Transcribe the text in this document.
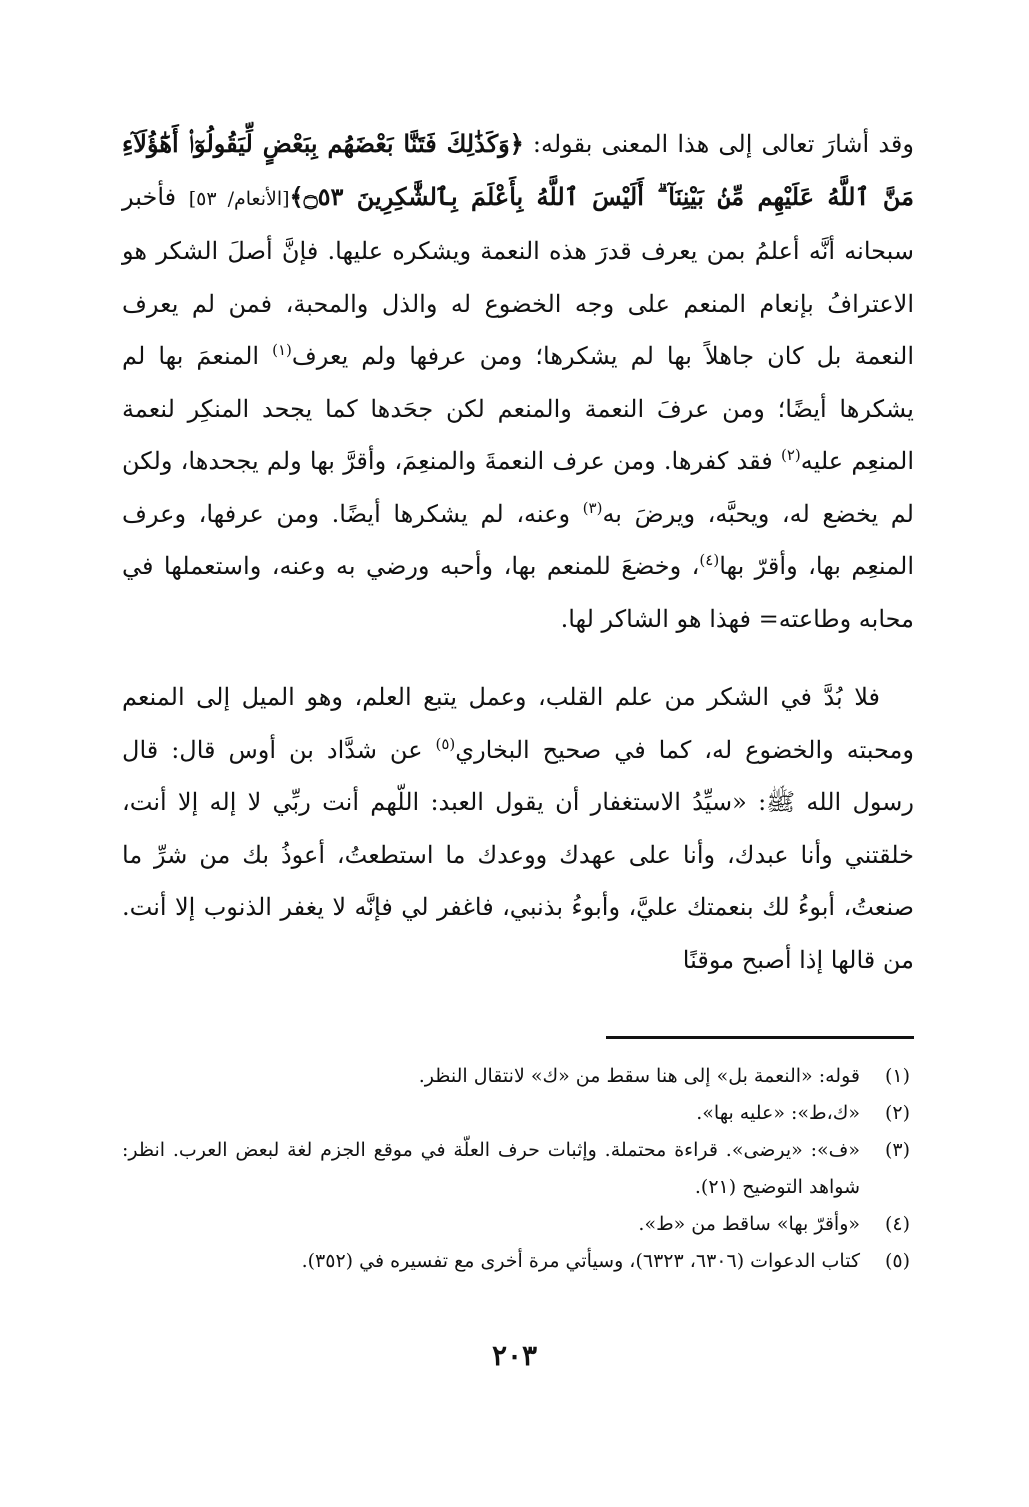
وقد أشارَ تعالى إلى هذا المعنى بقوله: ﴿وَكَذَٰلِكَ فَتَنَّا بَعْضَهُم بِبَعْضٍ لِّيَقُولُوٓا۟ أَهَٰٓؤُلَآءِ مَنَّ ٱللَّهُ عَلَيْهِم مِّنۢ بَيْنِنَآ ۗ أَلَيْسَ ٱللَّهُ بِأَعْلَمَ بِٱلشَّٰكِرِينَ ۝٥٣﴾[الأنعام/ ٥٣] فأخبر سبحانه أنَّه أعلمُ بمن يعرف قدرَ هذه النعمة ويشكره عليها. فإنَّ أصلَ الشكر هو الاعترافُ بإنعام المنعم على وجه الخضوع له والذل والمحبة، فمن لم يعرف النعمة بل كان جاهلاً بها لم يشكرها؛ ومن عرفها ولم يعرف$^{(١)}$ المنعمَ بها لم يشكرها أيضًا؛ ومن عرفَ النعمة والمنعم لكن جحَدها كما يجحد المنكِر لنعمة المنعِم عليه$^{(٢)}$ فقد كفرها. ومن عرف النعمةَ والمنعِمَ، وأقرَّ بها ولم يجحدها، ولكن لم يخضع له، ويحبَّه، ويرضَ به$^{(٣)}$ وعنه، لم يشكرها أيضًا. ومن عرفها، وعرف المنعِم بها، وأقرّ بها$^{(٤)}$، وخضعَ للمنعم بها، وأحبه ورضي به وعنه، واستعملها في محابه وطاعته= فهذا هو الشاكر لها.

فلا بُدَّ في الشكر من علم القلب، وعمل يتبع العلم، وهو الميل إلى المنعم ومحبته والخضوع له، كما في صحيح البخاري$^{(٥)}$ عن شدَّاد بن أوس قال: قال رسول الله ﷺ: «سيِّدُ الاستغفار أن يقول العبد: اللّهم أنت ربِّي لا إله إلا أنت، خلقتني وأنا عبدك، وأنا على عهدك ووعدك ما استطعتُ، أعوذُ بك من شرِّ ما صنعتُ، أبوءُ لك بنعمتك عليَّ، وأبوءُ بذنبي، فاغفر لي فإنَّه لا يغفر الذنوب إلا أنت. من قالها إذا أصبح موقنًا

(١)
قوله: «النعمة بل» إلى هنا سقط من «ك» لانتقال النظر.
(٢)
«ك،ط»: «عليه بها».
(٣)
«ف»: «يرضى». قراءة محتملة. وإثبات حرف العلّة في موقع الجزم لغة لبعض العرب. انظر: شواهد التوضيح (٢١).
(٤)
«وأقرّ بها» ساقط من «ط».
(٥)
كتاب الدعوات (٦٣٠٦، ٦٣٢٣)، وسيأتي مرة أخرى مع تفسيره في (٣٥٢).
٢٠٣
